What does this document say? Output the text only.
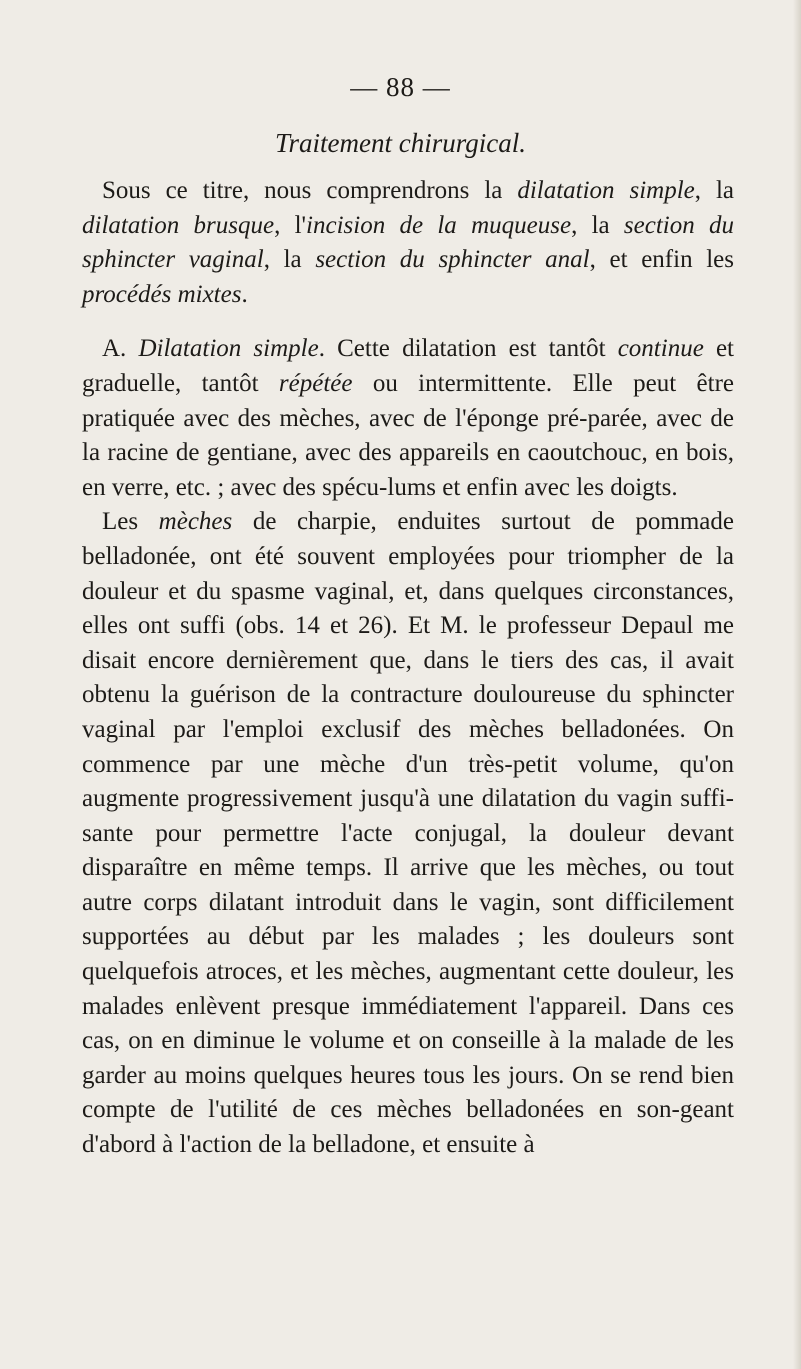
— 88 —
Traitement chirurgical.

Sous ce titre, nous comprendrons la dilatation simple, la dilatation brusque, l'incision de la muqueuse, la section du sphincter vaginal, la section du sphincter anal, et enfin les procédés mixtes.

A. Dilatation simple. Cette dilatation est tantôt continue et graduelle, tantôt répétée ou intermittente. Elle peut être pratiquée avec des mèches, avec de l'éponge pré-parée, avec de la racine de gentiane, avec des appareils en caoutchouc, en bois, en verre, etc. ; avec des spécu-lums et enfin avec les doigts.

Les mèches de charpie, enduites surtout de pommade belladonée, ont été souvent employées pour triompher de la douleur et du spasme vaginal, et, dans quelques circonstances, elles ont suffi (obs. 14 et 26). Et M. le professeur Depaul me disait encore dernièrement que, dans le tiers des cas, il avait obtenu la guérison de la contracture douloureuse du sphincter vaginal par l'emploi exclusif des mèches belladonées. On commence par une mèche d'un très-petit volume, qu'on augmente progressivement jusqu'à une dilatation du vagin suffi-sante pour permettre l'acte conjugal, la douleur devant disparaître en même temps. Il arrive que les mèches, ou tout autre corps dilatant introduit dans le vagin, sont difficilement supportées au début par les malades ; les douleurs sont quelquefois atroces, et les mèches, augmentant cette douleur, les malades enlèvent presque immédiatement l'appareil. Dans ces cas, on en diminue le volume et on conseille à la malade de les garder au moins quelques heures tous les jours. On se rend bien compte de l'utilité de ces mèches belladonées en son-geant d'abord à l'action de la belladone, et ensuite à
